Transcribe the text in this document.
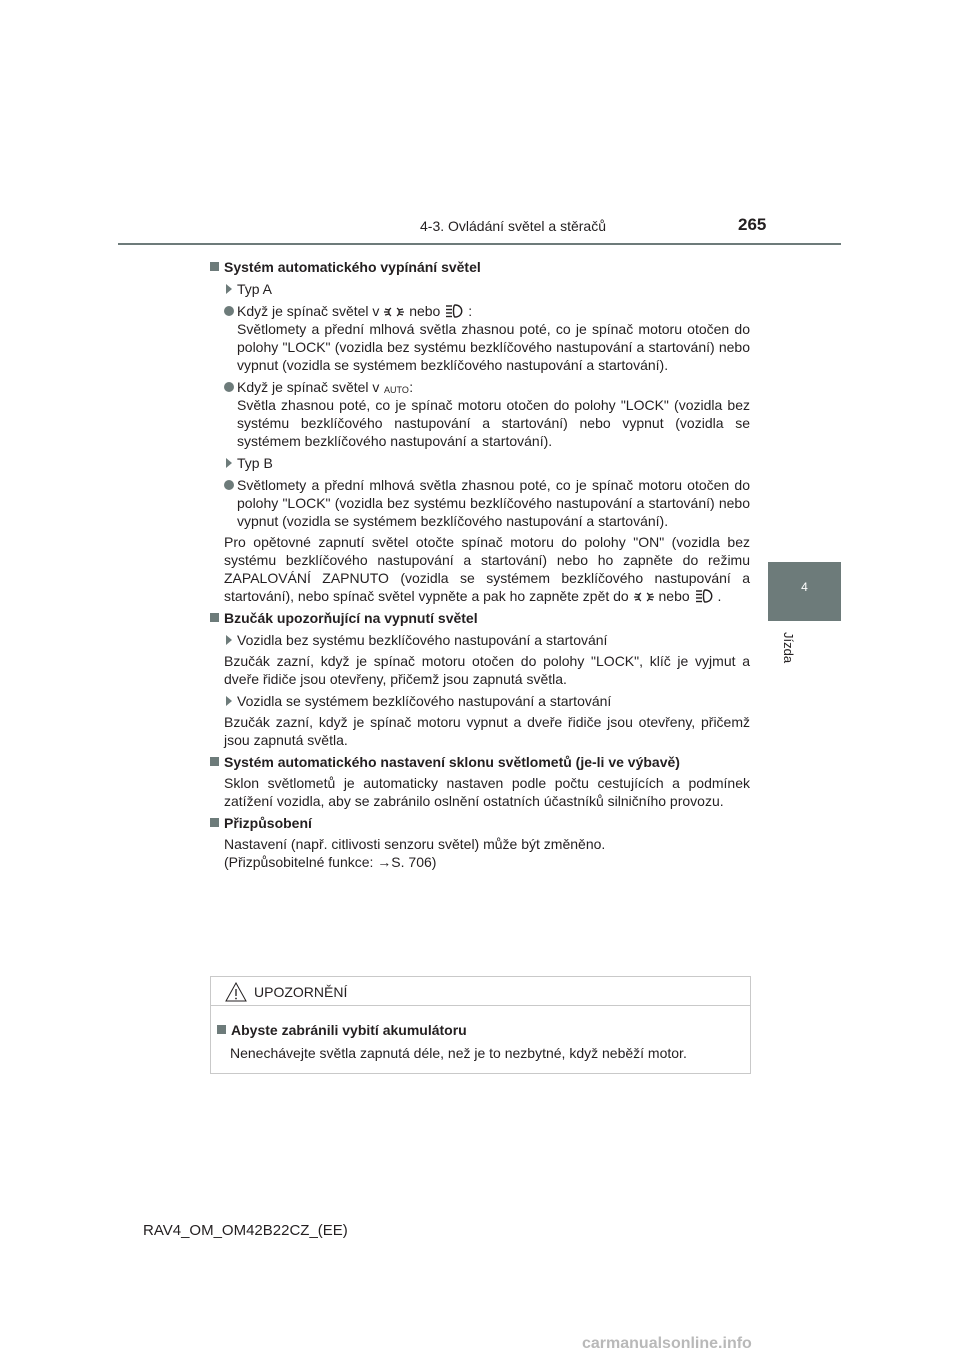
4-3. Ovládání světel a stěračů	265
4
Jízda
Systém automatického vypínání světel
Typ A
Když je spínač světel v nebo :
Světlomety a přední mlhová světla zhasnou poté, co je spínač motoru otočen do polohy "LOCK" (vozidla bez systému bezklíčového nastupování a startování) nebo vypnut (vozidla se systémem bezklíčového nastupování a startování).
Když je spínač světel v AUTO :
Světla zhasnou poté, co je spínač motoru otočen do polohy "LOCK" (vozidla bez systému bezklíčového nastupování a startování) nebo vypnut (vozidla se systémem bezklíčového nastupování a startování).
Typ B
Světlomety a přední mlhová světla zhasnou poté, co je spínač motoru otočen do polohy "LOCK" (vozidla bez systému bezklíčového nastupování a startování) nebo vypnut (vozidla se systémem bezklíčového nastupování a startování).
Pro opětovné zapnutí světel otočte spínač motoru do polohy "ON" (vozidla bez systému bezklíčového nastupování a startování) nebo ho zapněte do režimu ZAPALOVÁNÍ ZAPNUTO (vozidla se systémem bezklíčového nastupování a startování), nebo spínač světel vypněte a pak ho zapněte zpět do nebo .
Bzučák upozorňující na vypnutí světel
Vozidla bez systému bezklíčového nastupování a startování
Bzučák zazní, když je spínač motoru otočen do polohy "LOCK", klíč je vyjmut a dveře řidiče jsou otevřeny, přičemž jsou zapnutá světla.
Vozidla se systémem bezklíčového nastupování a startování
Bzučák zazní, když je spínač motoru vypnut a dveře řidiče jsou otevřeny, přičemž jsou zapnutá světla.
Systém automatického nastavení sklonu světlometů (je-li ve výbavě)
Sklon světlometů je automaticky nastaven podle počtu cestujících a podmínek zatížení vozidla, aby se zabránilo oslnění ostatních účastníků silničního provozu.
Přizpůsobení
Nastavení (např. citlivosti senzoru světel) může být změněno.
(Přizpůsobitelné funkce: →S. 706)
UPOZORNĚNÍ
Abyste zabránili vybití akumulátoru
Nenechávejte světla zapnutá déle, než je to nezbytné, když neběží motor.
RAV4_OM_OM42B22CZ_(EE)
carmanualsonline.info
